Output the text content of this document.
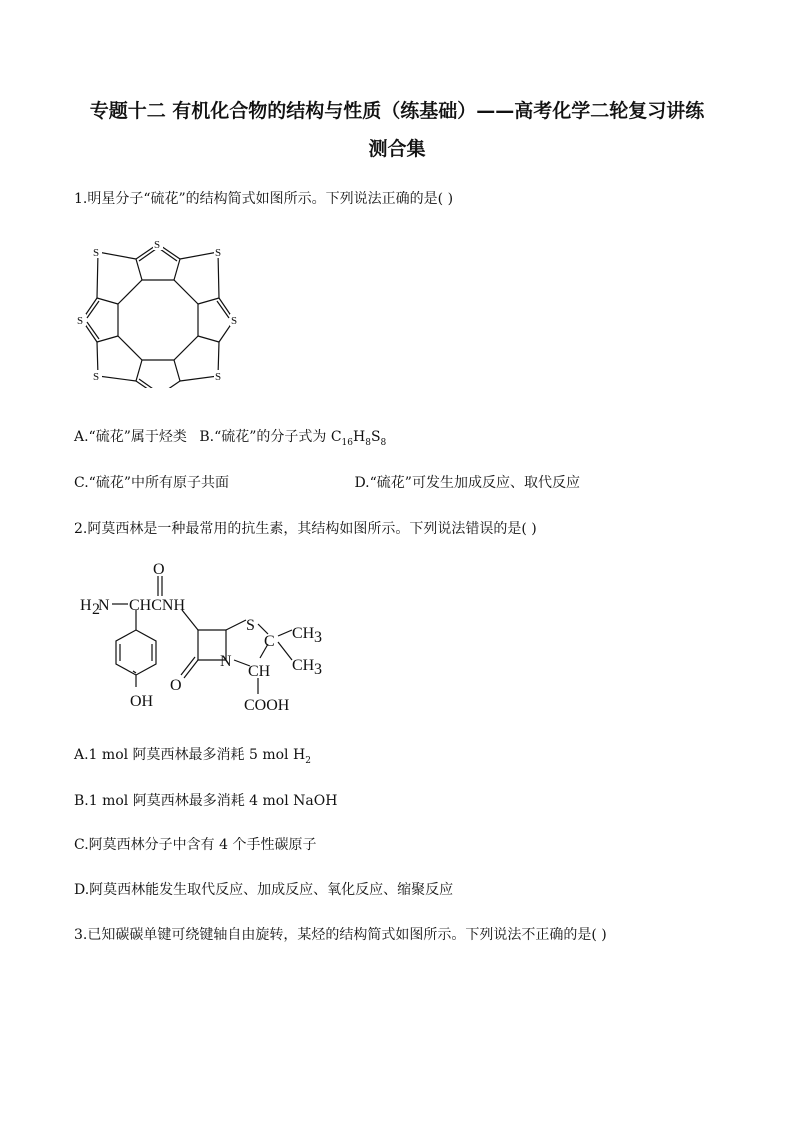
专题十二 有机化合物的结构与性质（练基础）——高考化学二轮复习讲练
测合集
1.明星分子“硫花”的结构简式如图所示。下列说法正确的是( )
S
S	S
S	S
S	S
A.“硫花”属于烃类 B.“硫花”的分子式为 $C_{16}H_8S_8$
C.“硫花”中所有原子共面	D.“硫花”可发生加成反应、取代反应
2.阿莫西林是一种最常用的抗生素，其结构如图所示。下列说法错误的是( )
O
H 2
N CHCNH
S
C CH 3
CH 3
N
CH
O
OH	COOH
A.1 mol 阿莫西林最多消耗 5 mol $H_2$
B.1 mol 阿莫西林最多消耗 4 mol NaOH
C.阿莫西林分子中含有 4 个手性碳原子
D.阿莫西林能发生取代反应、加成反应、氧化反应、缩聚反应
3.已知碳碳单键可绕键轴自由旋转，某烃的结构简式如图所示。下列说法不正确的是( )
